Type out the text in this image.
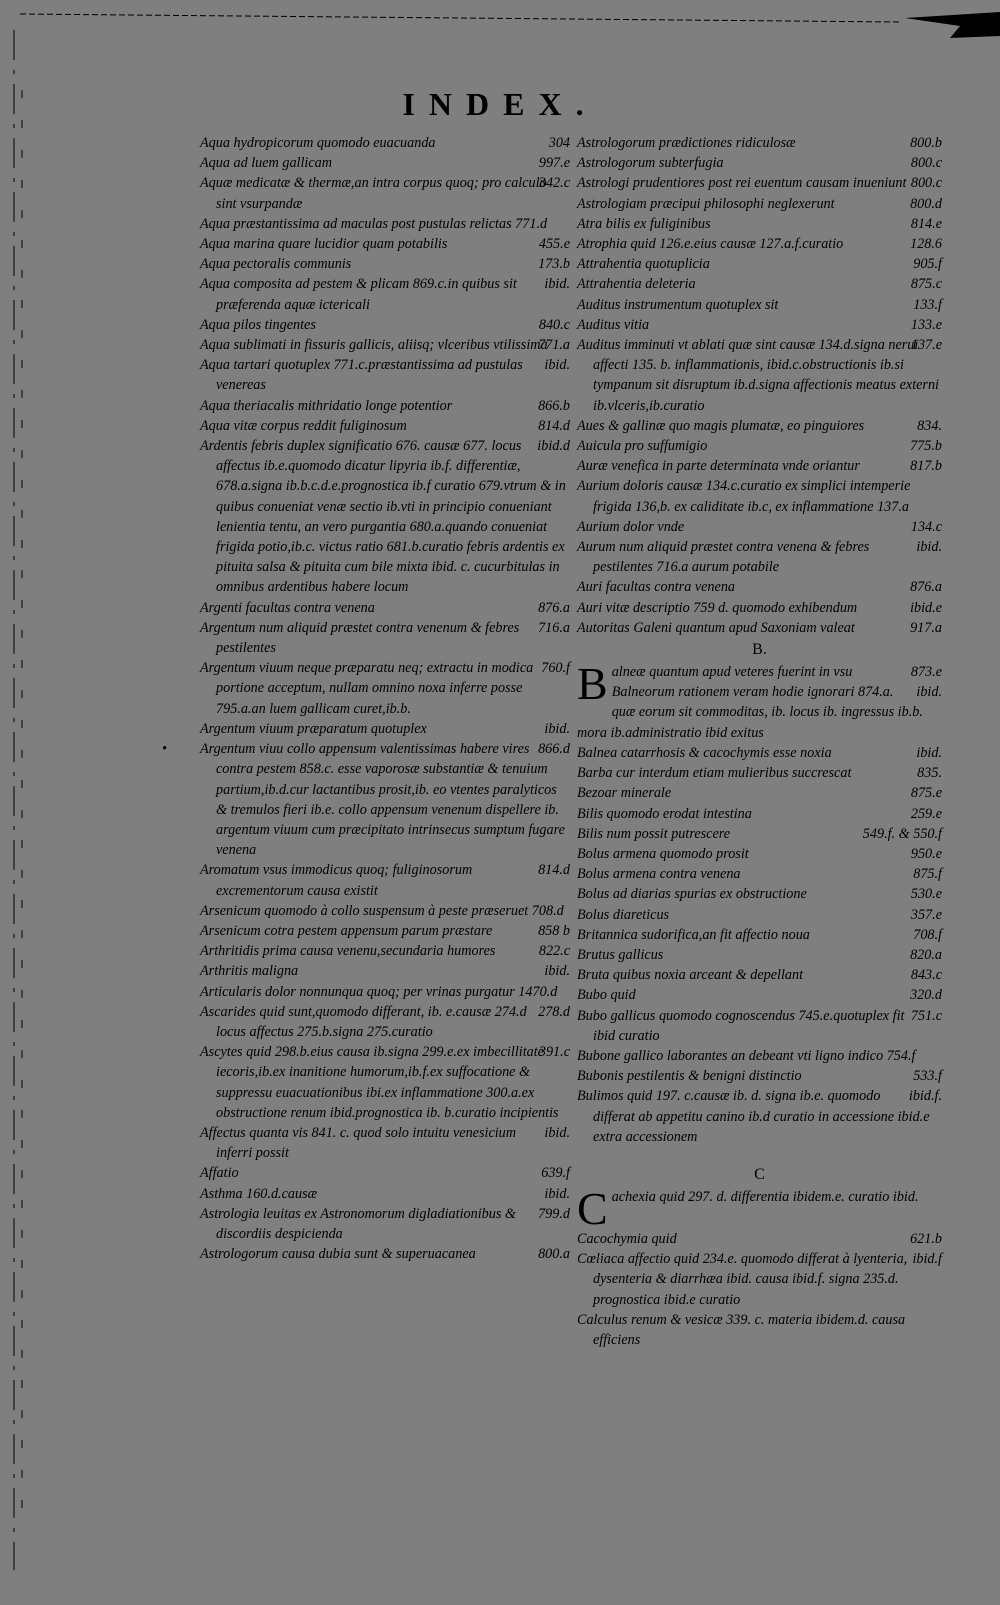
INDEX.

304
Aqua hydropicorum quomodo euacuanda

997.e
Aqua ad luem gallicam

342.c
Aquæ medicatæ & thermæ,an intra corpus quoq; pro calculo sint vsurpandæ

Aqua præstantissima ad maculas post pustulas relictas 771.d

455.e
Aqua marina quare lucidior quam potabilis

173.b
Aqua pectoralis communis

ibid.
Aqua composita ad pestem & plicam 869.c.in quibus sit præferenda aquæ ictericali

840.c
Aqua pilos tingentes

771.a
Aqua sublimati in fissuris gallicis, aliisq; vlceribus vtilissima

ibid.
Aqua tartari quotuplex 771.c.præstantissima ad pustulas venereas

866.b
Aqua theriacalis mithridatio longe potentior

814.d
Aqua vitæ corpus reddit fuliginosum

ibid.d
Ardentis febris duplex significatio 676. causæ 677. locus affectus ib.e.quomodo dicatur lipyria ib.f. differentiæ, 678.a.signa ib.b.c.d.e.prognostica ib.f curatio 679.vtrum & in quibus conueniat venæ sectio ib.vti in principio conueniant lenientia tentu, an vero purgantia 680.a.quando conueniat frigida potio,ib.c. victus ratio 681.b.curatio febris ardentis ex pituita salsa & pituita cum bile mixta ibid. c. cucurbitulas in omnibus ardentibus habere locum

876.a
Argenti facultas contra venena

716.a
Argentum num aliquid præstet contra venenum & febres pestilentes

760.f
Argentum viuum neque præparatu neq; extractu in modica portione acceptum, nullam omnino noxa inferre posse 795.a.an luem gallicam curet,ib.b.

ibid.
Argentum viuum præparatum quotuplex

•	866.d
Argentum viuu collo appensum valentissimas habere vires contra pestem 858.c. esse vaporosæ substantiæ & tenuium partium,ib.d.cur lactantibus prosit,ib. eo vtentes paralyticos & tremulos fieri ib.e. collo appensum venenum dispellere ib. argentum viuum cum præcipitato intrinsecus sumptum fugare venena

814.d
Aromatum vsus immodicus quoq; fuliginosorum excrementorum causa existit

Arsenicum quomodo à collo suspensum à peste præseruet 708.d

858 b
Arsenicum cotra pestem appensum parum præstare

822.c
Arthritidis prima causa venenu,secundaria humores

ibid.
Arthritis maligna

Articularis dolor nonnunqua quoq; per vrinas purgatur 1470.d

278.d
Ascarides quid sunt,quomodo differant, ib. e.causæ 274.d locus affectus 275.b.signa 275.curatio

391.c
Ascytes quid 298.b.eius causa ib.signa 299.e.ex imbecillitate iecoris,ib.ex inanitione humorum,ib.f.ex suffocatione & suppressu euacuationibus ibi.ex inflammatione 300.a.ex obstructione renum ibid.prognostica ib. b.curatio incipientis

ibid.
Affectus quanta vis 841. c. quod solo intuitu venesicium inferri possit

639.f
Affatio

ibid.
Asthma 160.d.causæ

799.d
Astrologia leuitas ex Astronomorum digladiationibus & discordiis despicienda

800.a
Astrologorum causa dubia sunt & superuacanea

800.b
Astrologorum prædictiones ridiculosæ

800.c
Astrologorum subterfugia

800.c
Astrologi prudentiores post rei euentum causam inueniunt

800.d
Astrologiam præcipui philosophi neglexerunt

814.e
Atra bilis ex fuliginibus

128.6
Atrophia quid 126.e.eius causæ 127.a.f.curatio

905.f
Attrahentia quotuplicia

875.c
Attrahentia deleteria

133.f
Auditus instrumentum quotuplex sit

133.e
Auditus vitia

137.e
Auditus imminuti vt ablati quæ sint causæ 134.d.signa nerui affecti 135. b. inflammationis, ibid.c.obstructionis ib.si tympanum sit disruptum ib.d.signa affectionis meatus externi ib.vlceris,ib.curatio

834.
Aues & gallinæ quo magis plumatæ, eo pinguiores

775.b
Auicula pro suffumigio

817.b
Auræ venefica in parte determinata vnde oriantur

Aurium doloris causæ 134.c.curatio ex simplici intemperie frigida 136,b. ex caliditate ib.c, ex inflammatione 137.a

134.c
Aurium dolor vnde

ibid.
Aurum num aliquid præstet contra venena & febres pestilentes 716.a aurum potabile

876.a
Auri facultas contra venena

ibid.e
Auri vitæ descriptio 759 d. quomodo exhibendum

917.a
Autoritas Galeni quantum apud Saxoniam valeat

B.
B	873.e
alneæ quantum apud veteres fuerint in vsu

ibid.
Balneorum rationem veram hodie ignorari 874.a. quæ eorum sit commoditas, ib. locus ib. ingressus ib.b. mora ib.administratio ibid exitus

ibid.
Balnea catarrhosis & cacochymis esse noxia

835.
Barba cur interdum etiam mulieribus succrescat

875.e
Bezoar minerale

259.e
Bilis quomodo erodat intestina

549.f. & 550.f
Bilis num possit putrescere

950.e
Bolus armena quomodo prosit

875.f
Bolus armena contra venena

530.e
Bolus ad diarias spurias ex obstructione

357.e
Bolus diareticus

708.f
Britannica sudorifica,an fit affectio noua

820.a
Brutus gallicus

843.c
Bruta quibus noxia arceant & depellant

320.d
Bubo quid

751.c
Bubo gallicus quomodo cognoscendus 745.e.quotuplex fit ibid curatio

Bubone gallico laborantes an debeant vti ligno indico 754.f

533.f
Bubonis pestilentis & benigni distinctio

ibid.f.
Bulimos quid 197. c.causæ ib. d. signa ib.e. quomodo differat ab appetitu canino ib.d curatio in accessione ibid.e extra accessionem

C
C achexia quid 297. d. differentia ibidem.e. curatio ibid.

621.b
Cacochymia quid

ibid.f
Cœliaca affectio quid 234.e. quomodo differat à lyenteria, dysenteria & diarrhæa ibid. causa ibid.f. signa 235.d. prognostica ibid.e curatio

Calculus renum & vesicæ 339. c. materia ibidem.d. causa efficiens
